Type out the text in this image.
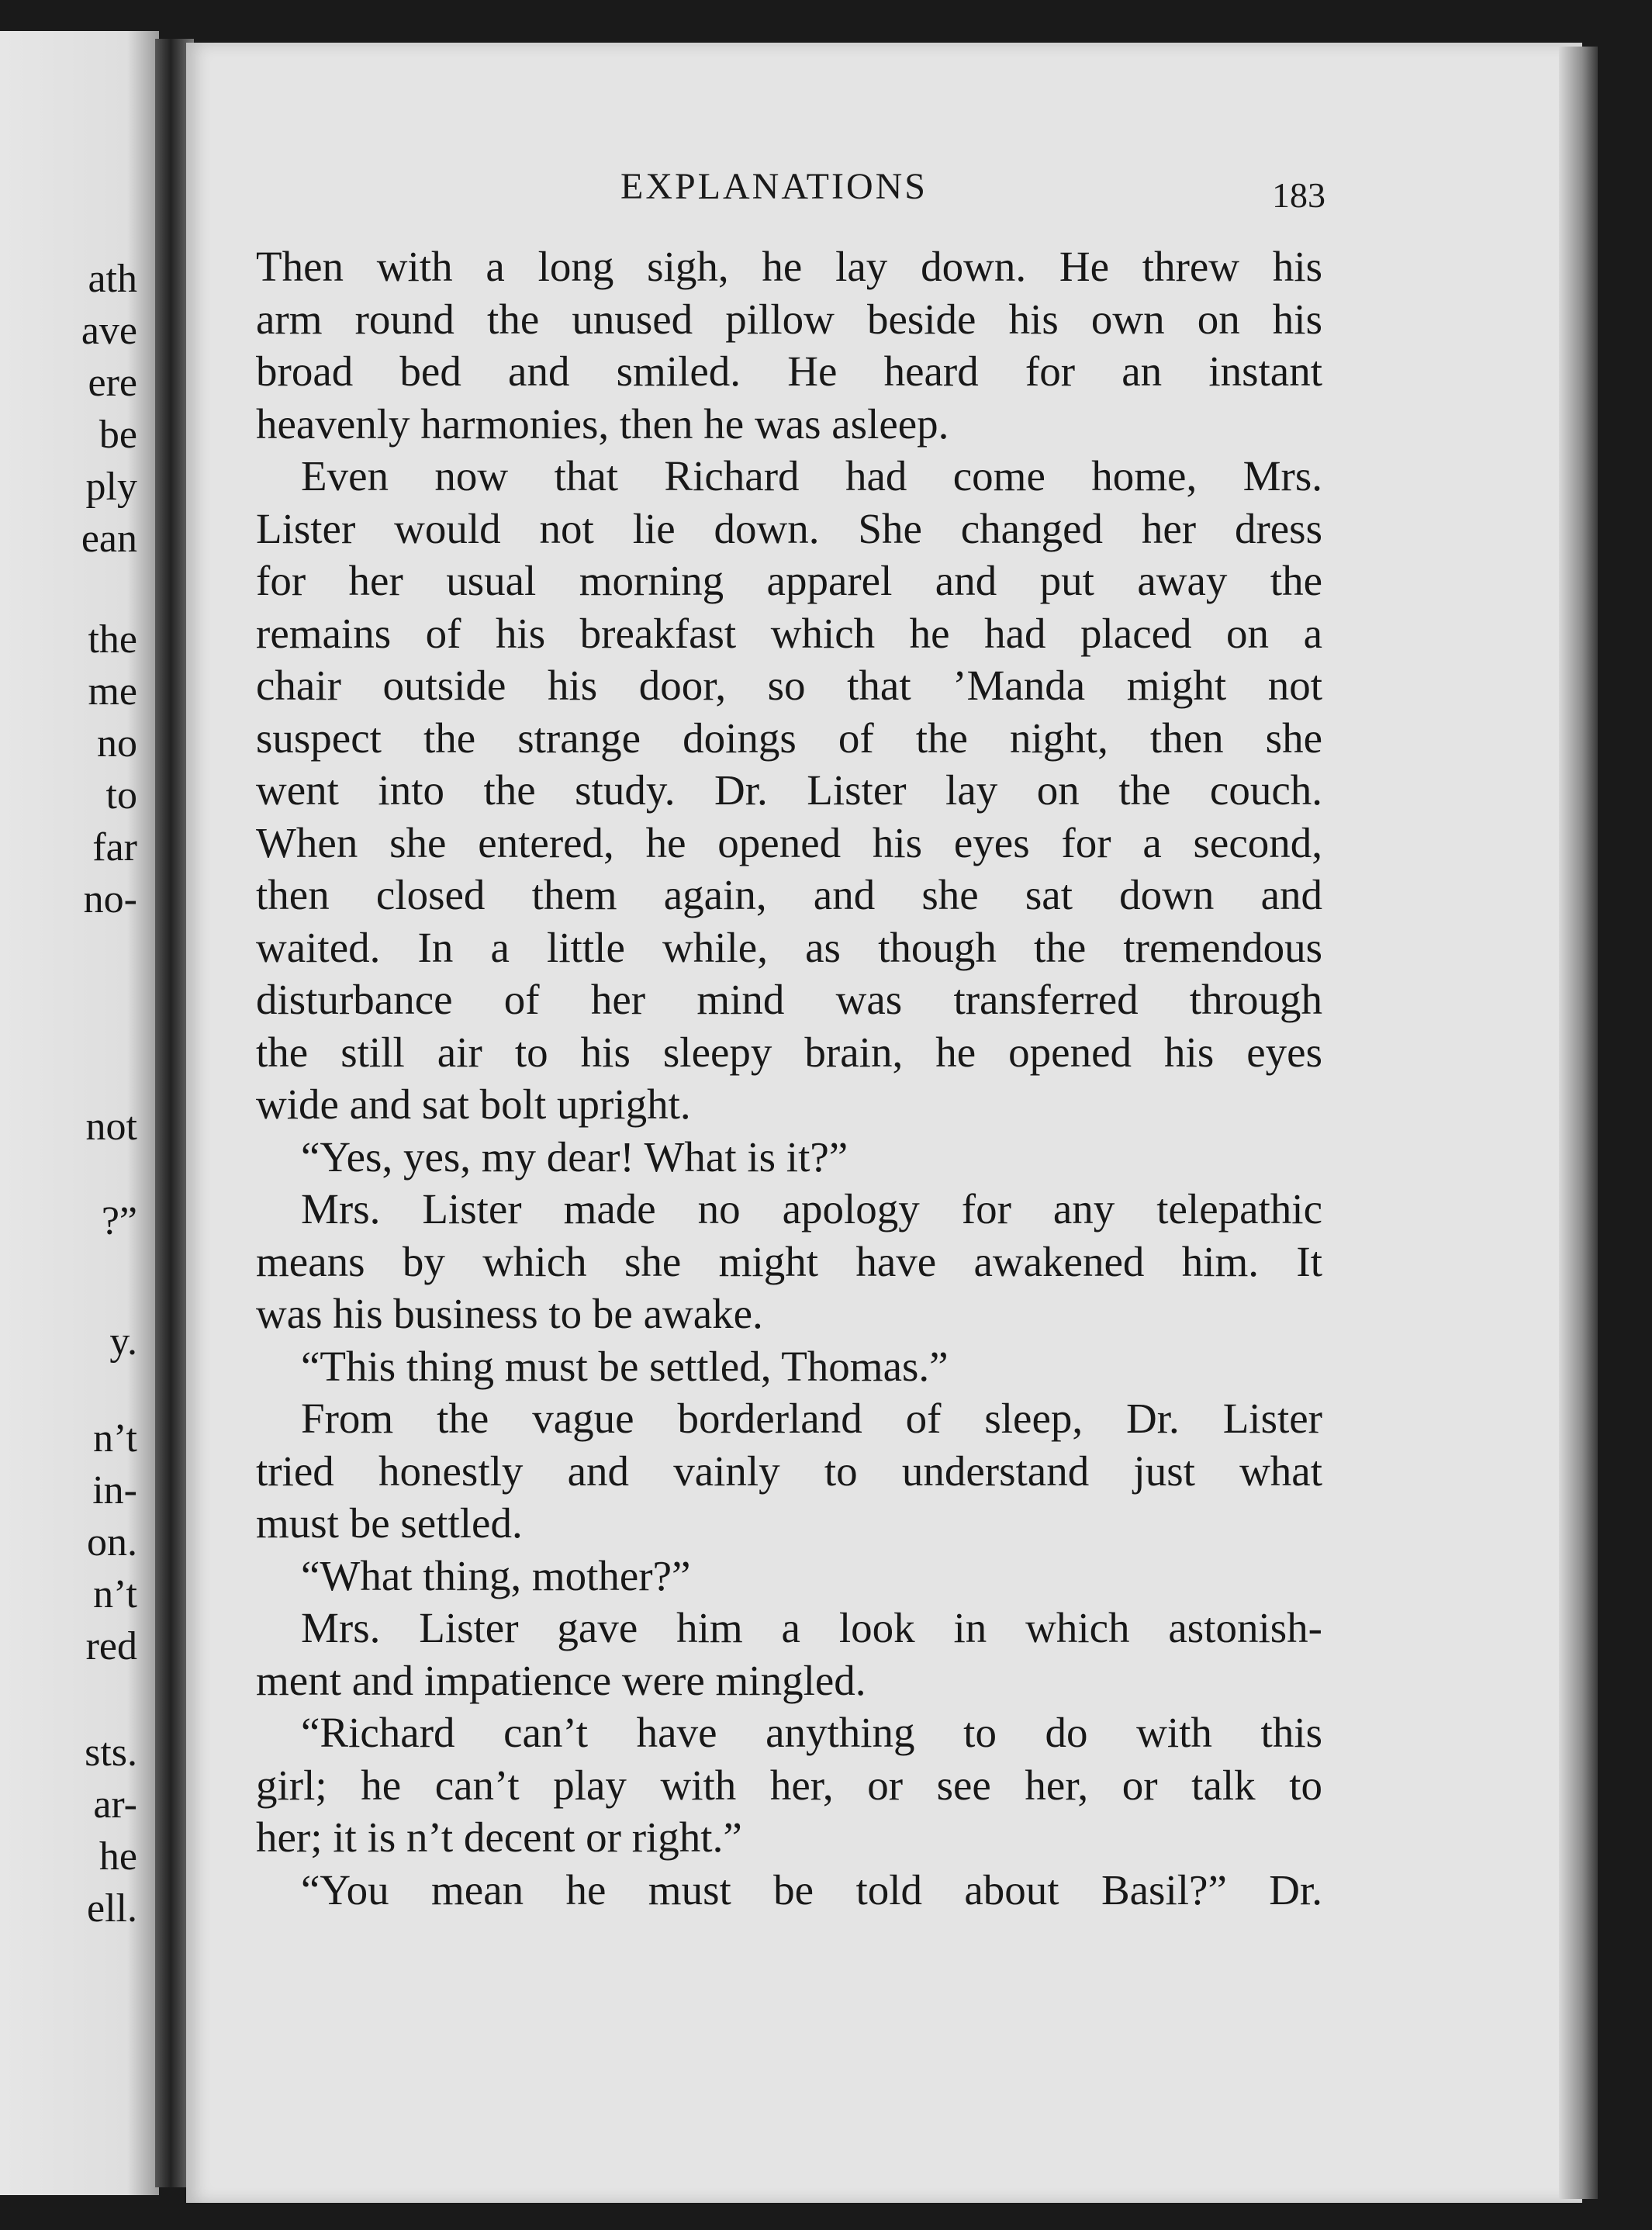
ath
ave
ere
be
ply
ean
the
me
no
to
far
no-
not
?”
y.
n’t
in-
on.
n’t
red
sts.
ar-
he
ell.
EXPLANATIONS	183
Then with a long sigh, he lay down. He threw his
arm round the unused pillow beside his own on his
broad bed and smiled. He heard for an instant
heavenly harmonies, then he was asleep.
Even now that Richard had come home, Mrs.
Lister would not lie down. She changed her dress
for her usual morning apparel and put away the
remains of his breakfast which he had placed on a
chair outside his door, so that ’Manda might not
suspect the strange doings of the night, then she
went into the study. Dr. Lister lay on the couch.
When she entered, he opened his eyes for a second,
then closed them again, and she sat down and
waited. In a little while, as though the tremendous
disturbance of her mind was transferred through
the still air to his sleepy brain, he opened his eyes
wide and sat bolt upright.
“Yes, yes, my dear! What is it?”
Mrs. Lister made no apology for any telepathic
means by which she might have awakened him. It
was his business to be awake.
“This thing must be settled, Thomas.”
From the vague borderland of sleep, Dr. Lister
tried honestly and vainly to understand just what
must be settled.
“What thing, mother?”
Mrs. Lister gave him a look in which astonish-
ment and impatience were mingled.
“Richard can’t have anything to do with this
girl; he can’t play with her, or see her, or talk to
her; it is n’t decent or right.”
“You mean he must be told about Basil?” Dr.
